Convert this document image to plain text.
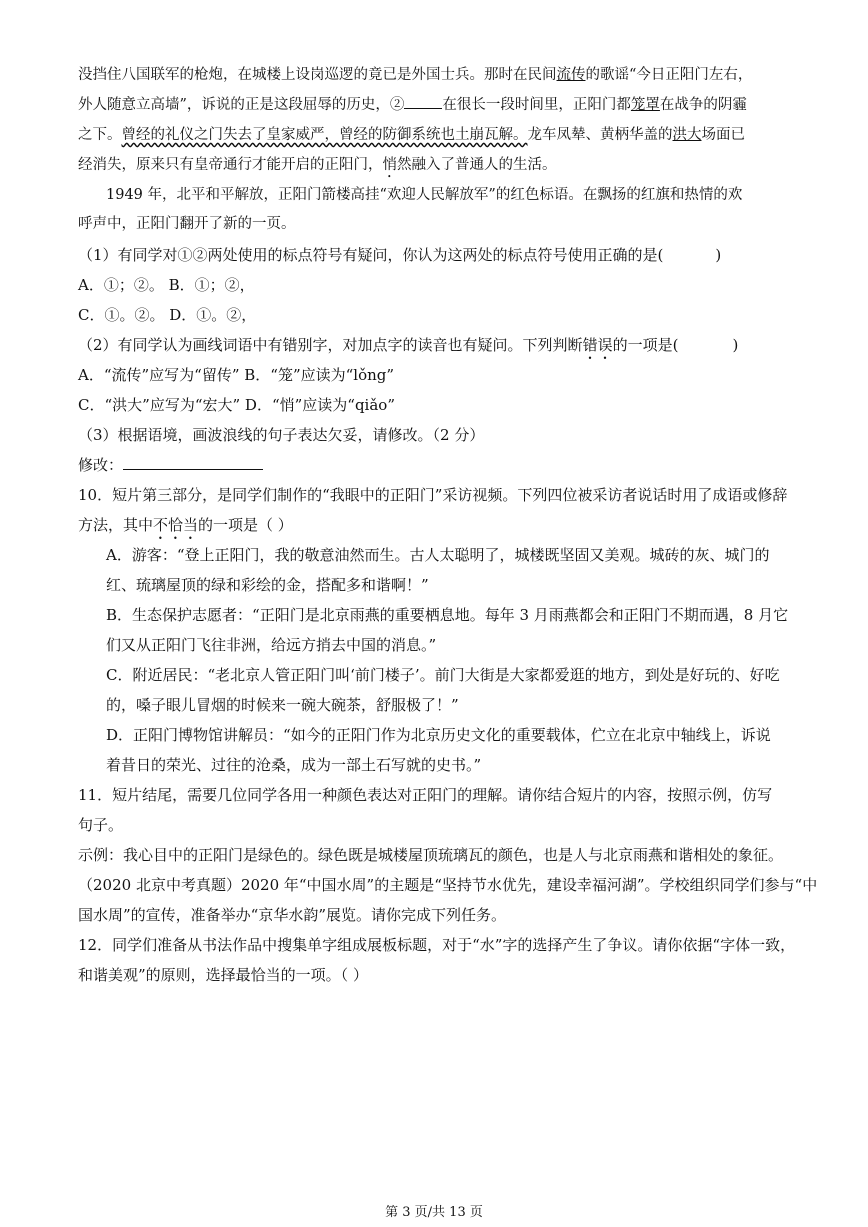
没挡住八国联军的枪炮，在城楼上设岗巡逻的竟已是外国士兵。那时在民间流传的歌谣“今日正阳门左右，
外人随意立高墙”，诉说的正是这段屈辱的历史，②	在很长一段时间里，正阳门都笼罩在战争的阴霾
之下。曾经的礼仪之门失去了皇家威严，曾经的防御系统也土崩瓦解。龙车凤辇、黄柄华盖的洪大场面已
经消失，原来只有皇帝通行才能开启的正阳门，悄然融入了普通人的生活。
1949 年，北平和平解放，正阳门箭楼高挂“欢迎人民解放军”的红色标语。在飘扬的红旗和热情的欢
呼声中，正阳门翻开了新的一页。
（1）有同学对①②两处使用的标点符号有疑问，你认为这两处的标点符号使用正确的是(	)
A．①；②。 B．①；②，
C．①。②。 D．①。②，
（2）有同学认为画线词语中有错别字，对加点字的读音也有疑问。下列判断错误的一项是(	)
A．“流传”应写为“留传” B．“笼”应读为“lǒng”
C．“洪大”应写为“宏大” D．“悄”应读为“qiǎo”
（3）根据语境，画波浪线的句子表达欠妥，请修改。（2 分）
修改：
10．短片第三部分，是同学们制作的“我眼中的正阳门”采访视频。下列四位被采访者说话时用了成语或修辞
方法，其中不恰当的一项是（ ）
A．游客：“登上正阳门，我的敬意油然而生。古人太聪明了，城楼既坚固又美观。城砖的灰、城门的
红、琉璃屋顶的绿和彩绘的金，搭配多和谐啊！”
B．生态保护志愿者：“正阳门是北京雨燕的重要栖息地。每年 3 月雨燕都会和正阳门不期而遇，8 月它
们又从正阳门飞往非洲，给远方捎去中国的消息。”
C．附近居民：“老北京人管正阳门叫‘前门楼子’。前门大街是大家都爱逛的地方，到处是好玩的、好吃
的，嗓子眼儿冒烟的时候来一碗大碗茶，舒服极了！”
D．正阳门博物馆讲解员：“如今的正阳门作为北京历史文化的重要载体，伫立在北京中轴线上，诉说
着昔日的荣光、过往的沧桑，成为一部土石写就的史书。”
11．短片结尾，需要几位同学各用一种颜色表达对正阳门的理解。请你结合短片的内容，按照示例，仿写
句子。
示例：我心目中的正阳门是绿色的。绿色既是城楼屋顶琉璃瓦的颜色，也是人与北京雨燕和谐相处的象征。
（2020 北京中考真题）2020 年“中国水周”的主题是“坚持节水优先，建设幸福河湖”。学校组织同学们参与“中
国水周”的宣传，准备举办“京华水韵”展览。请你完成下列任务。
12．同学们准备从书法作品中搜集单字组成展板标题，对于“水”字的选择产生了争议。请你依据“字体一致，
和谐美观”的原则，选择最恰当的一项。（ ）
第 3 页/共 13 页
